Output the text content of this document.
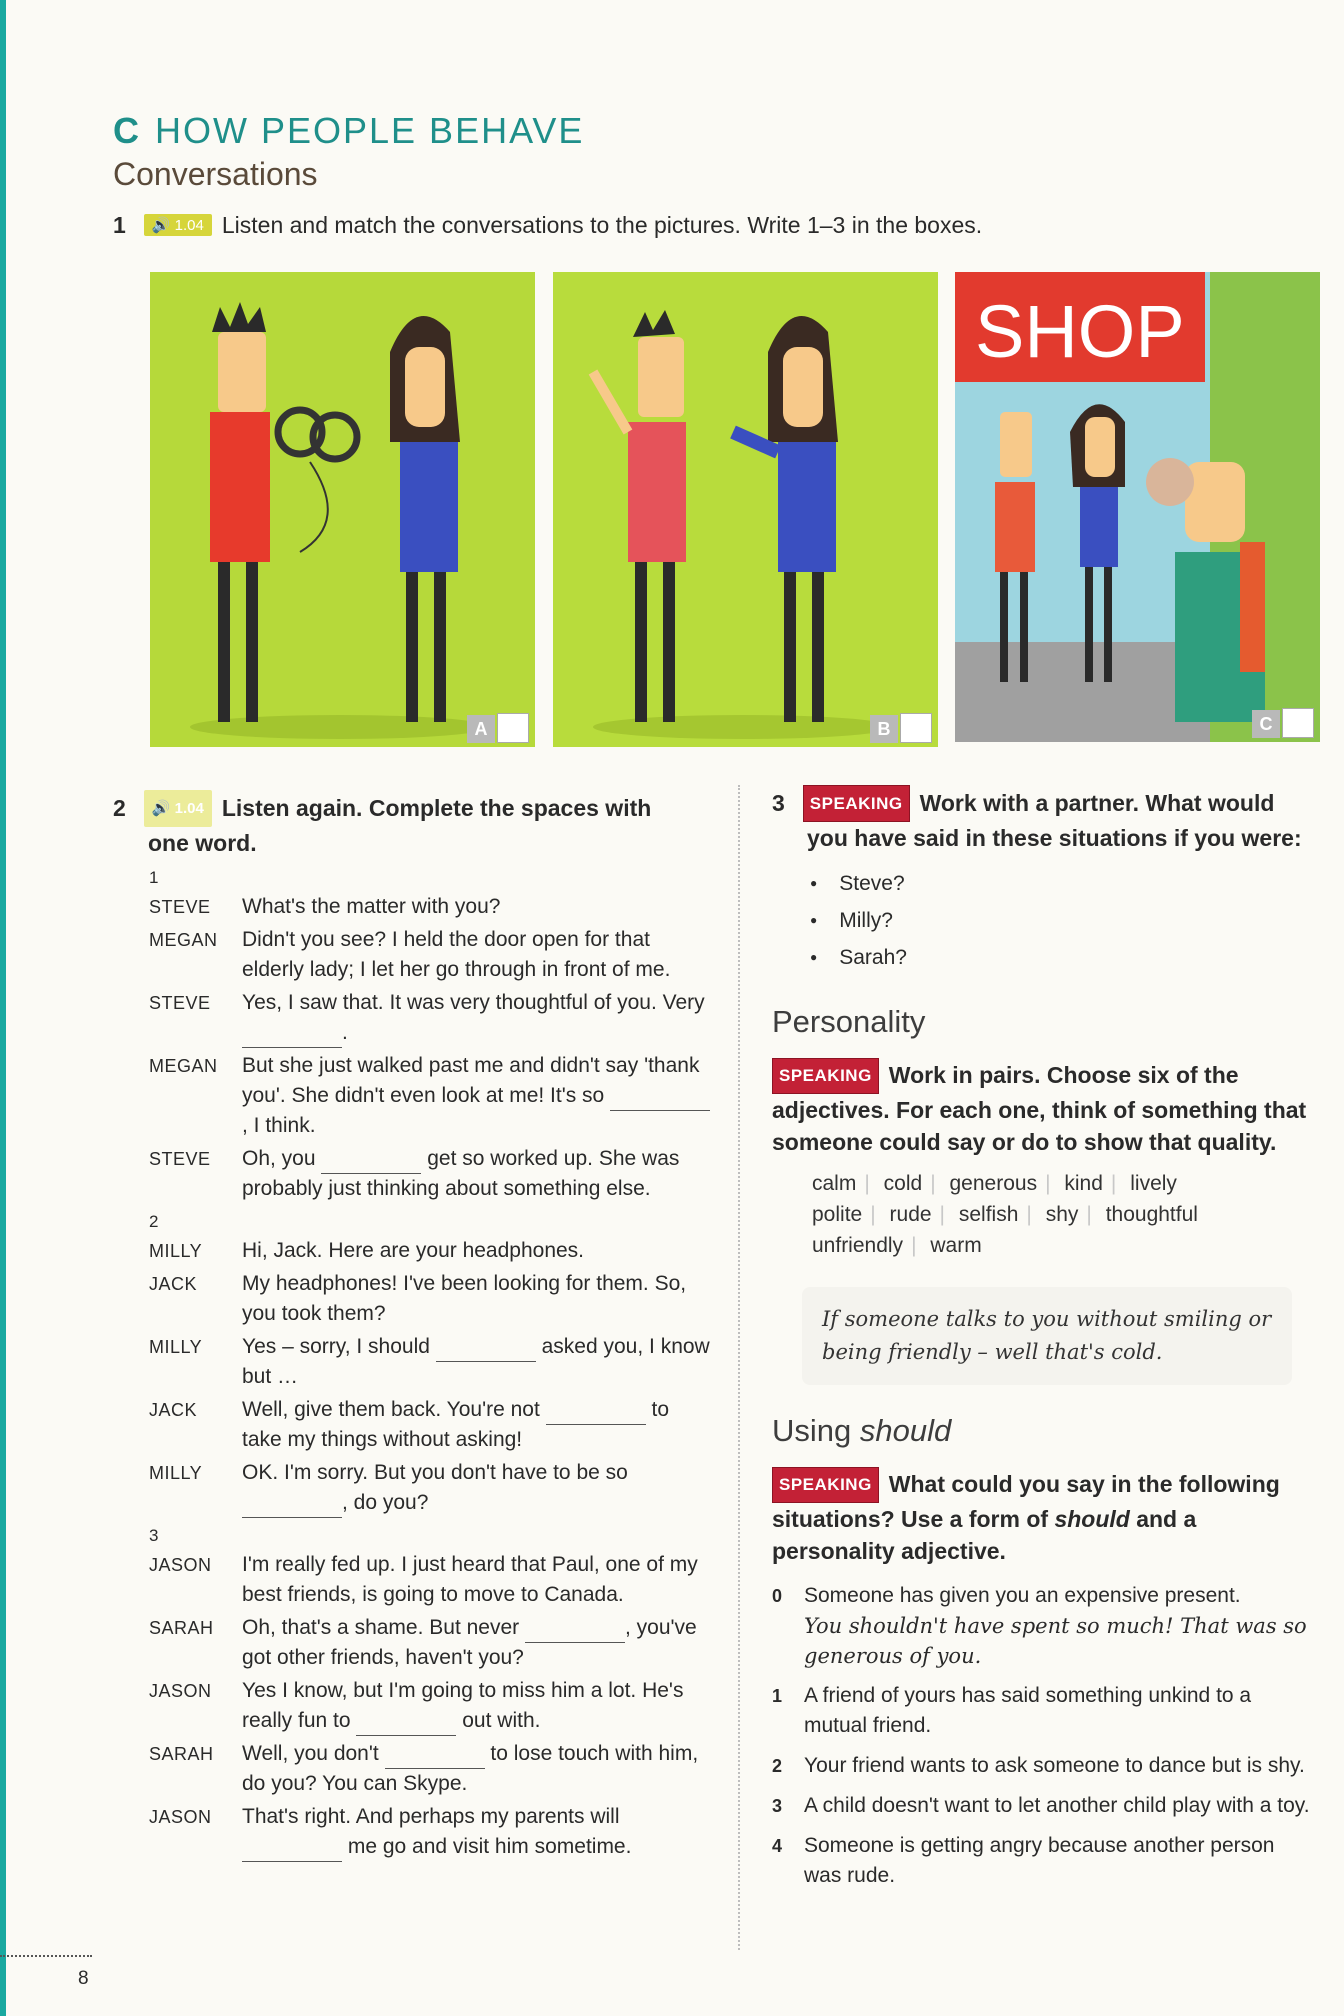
C HOW PEOPLE BEHAVE
Conversations
1 🔊 1.04 Listen and match the conversations to the pictures. Write 1–3 in the boxes.
A	B
SHOP
C
2 🔊 1.04 Listen again. Complete the spaces with
one word.
1
STEVE	What's the matter with you?
MEGAN	Didn't you see? I held the door open for that elderly lady; I let her go through in front of me.
STEVE	Yes, I saw that. It was very thoughtful of you. Very .
MEGAN	But she just walked past me and didn't say 'thank you'. She didn't even look at me! It's so , I think.
STEVE	Oh, you	get so worked up. She was probably just thinking about something else.
2
MILLY	Hi, Jack. Here are your headphones.
JACK	My headphones! I've been looking for them. So, you took them?
MILLY	Yes – sorry, I should	asked you, I know but …
JACK	Well, give them back. You're not	to take my things without asking!
MILLY	OK. I'm sorry. But you don't have to be so , do you?
3
JASON	I'm really fed up. I just heard that Paul, one of my best friends, is going to move to Canada.
SARAH	Oh, that's a shame. But never	, you've got other friends, haven't you?
JASON	Yes I know, but I'm going to miss him a lot. He's really fun to	out with.
SARAH	Well, you don't	to lose touch with him, do you? You can Skype.
JASON	That's right. And perhaps my parents will  me go and visit him sometime.
3 SPEAKING Work with a partner. What would
you have said in these situations if you were:
● Steve?
● Milly?
● Sarah?
Personality
SPEAKING Work in pairs. Choose six of the adjectives. For each one, think of something that someone could say or do to show that quality.
calm | cold | generous | kind | lively
polite | rude | selfish | shy | thoughtful
unfriendly | warm
If someone talks to you without smiling or being friendly – well that's cold.
Using should
SPEAKING What could you say in the following situations? Use a form of should and a personality adjective.
0	Someone has given you an expensive present.
You shouldn't have spent so much! That was so generous of you.
1	A friend of yours has said something unkind to a mutual friend.
2	Your friend wants to ask someone to dance but is shy.
3	A child doesn't want to let another child play with a toy.
4	Someone is getting angry because another person was rude.
8
